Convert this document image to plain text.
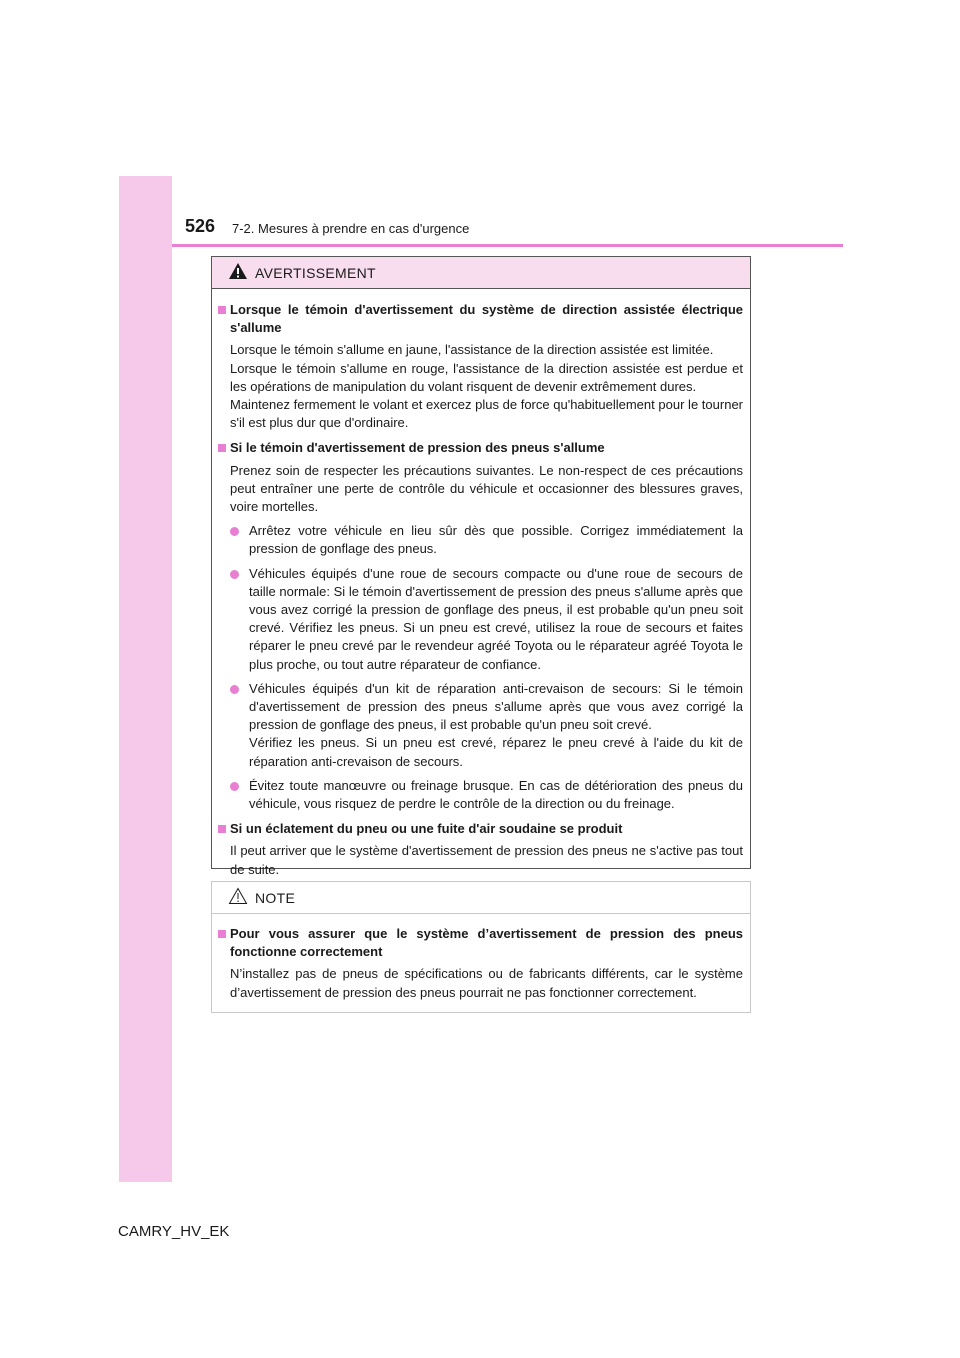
526 7-2. Mesures à prendre en cas d'urgence
AVERTISSEMENT
Lorsque le témoin d'avertissement du système de direction assistée électrique s'allume
Lorsque le témoin s'allume en jaune, l'assistance de la direction assistée est limitée.
Lorsque le témoin s'allume en rouge, l'assistance de la direction assistée est perdue et les opérations de manipulation du volant risquent de devenir extrêmement dures.
Maintenez fermement le volant et exercez plus de force qu'habituellement pour le tourner s'il est plus dur que d'ordinaire.
Si le témoin d'avertissement de pression des pneus s'allume
Prenez soin de respecter les précautions suivantes. Le non-respect de ces précautions peut entraîner une perte de contrôle du véhicule et occasionner des blessures graves, voire mortelles.
Arrêtez votre véhicule en lieu sûr dès que possible. Corrigez immédiatement la pression de gonflage des pneus.
Véhicules équipés d'une roue de secours compacte ou d'une roue de secours de taille normale: Si le témoin d'avertissement de pression des pneus s'allume après que vous avez corrigé la pression de gonflage des pneus, il est probable qu'un pneu soit crevé. Vérifiez les pneus. Si un pneu est crevé, utilisez la roue de secours et faites réparer le pneu crevé par le revendeur agréé Toyota ou le réparateur agréé Toyota le plus proche, ou tout autre réparateur de confiance.
Véhicules équipés d'un kit de réparation anti-crevaison de secours: Si le témoin d'avertissement de pression des pneus s'allume après que vous avez corrigé la pression de gonflage des pneus, il est probable qu'un pneu soit crevé.
Vérifiez les pneus. Si un pneu est crevé, réparez le pneu crevé à l'aide du kit de réparation anti-crevaison de secours.
Évitez toute manœuvre ou freinage brusque. En cas de détérioration des pneus du véhicule, vous risquez de perdre le contrôle de la direction ou du freinage.
Si un éclatement du pneu ou une fuite d'air soudaine se produit
Il peut arriver que le système d'avertissement de pression des pneus ne s'active pas tout de suite.
NOTE
Pour vous assurer que le système d’avertissement de pression des pneus fonctionne correctement
N’installez pas de pneus de spécifications ou de fabricants différents, car le système d’avertissement de pression des pneus pourrait ne pas fonctionner correctement.
CAMRY_HV_EK
